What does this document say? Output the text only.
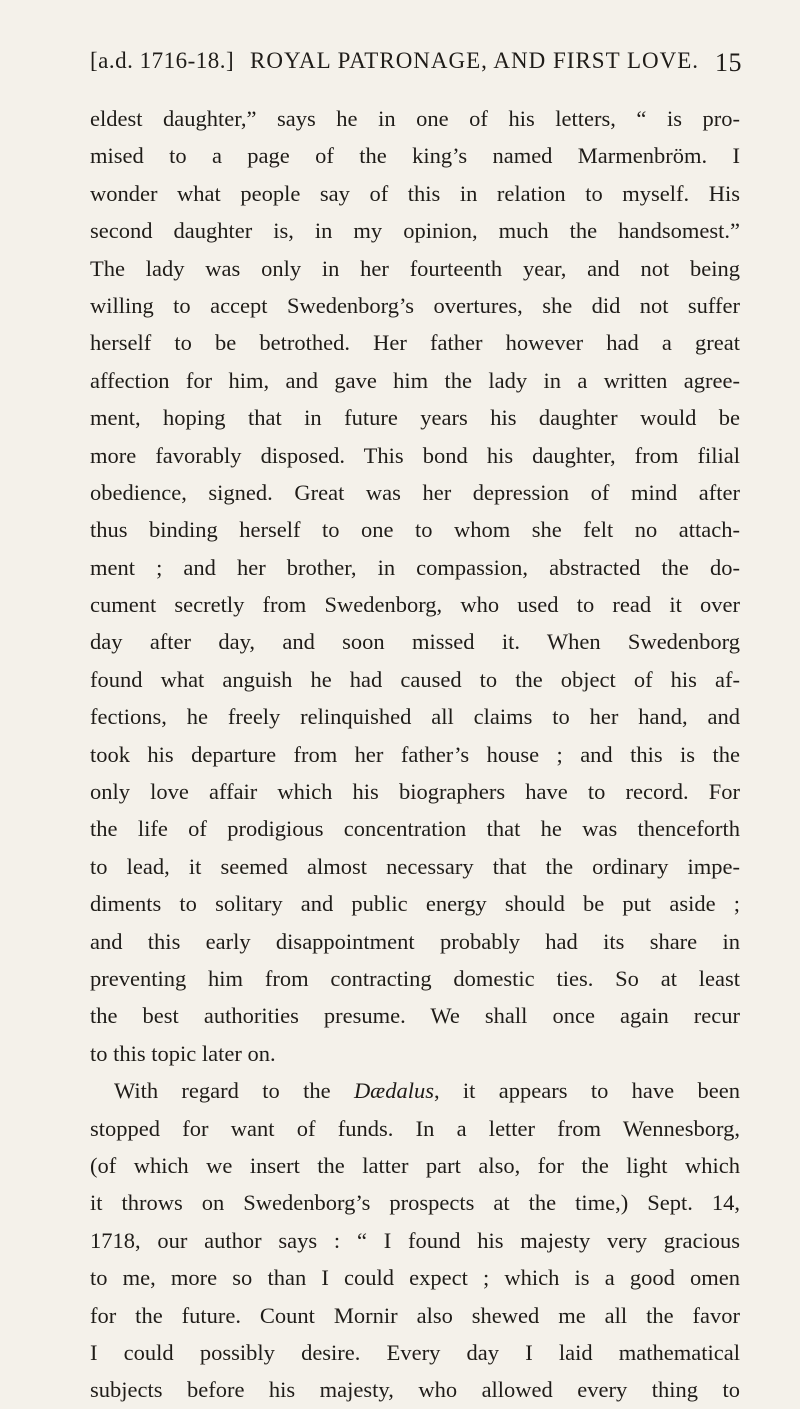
[a.d. 1716-18.] ROYAL PATRONAGE, AND FIRST LOVE. 15
eldest daughter,” says he in one of his letters, “ is pro-
mised to a page of the king’s named Marmenbröm. I
wonder what people say of this in relation to myself. His
second daughter is, in my opinion, much the handsomest.”
The lady was only in her fourteenth year, and not being
willing to accept Swedenborg’s overtures, she did not suffer
herself to be betrothed. Her father however had a great
affection for him, and gave him the lady in a written agree-
ment, hoping that in future years his daughter would be
more favorably disposed. This bond his daughter, from filial
obedience, signed. Great was her depression of mind after
thus binding herself to one to whom she felt no attach-
ment ; and her brother, in compassion, abstracted the do-
cument secretly from Swedenborg, who used to read it over
day after day, and soon missed it. When Swedenborg
found what anguish he had caused to the object of his af-
fections, he freely relinquished all claims to her hand, and
took his departure from her father’s house ; and this is the
only love affair which his biographers have to record. For
the life of prodigious concentration that he was thenceforth
to lead, it seemed almost necessary that the ordinary impe-
diments to solitary and public energy should be put aside ;
and this early disappointment probably had its share in
preventing him from contracting domestic ties. So at least
the best authorities presume. We shall once again recur
to this topic later on.
With regard to the Dædalus, it appears to have been
stopped for want of funds. In a letter from Wennesborg,
(of which we insert the latter part also, for the light which
it throws on Swedenborg’s prospects at the time,) Sept. 14,
1718, our author says : “ I found his majesty very gracious
to me, more so than I could expect ; which is a good omen
for the future. Count Mornir also shewed me all the favor
I could possibly desire. Every day I laid mathematical
subjects before his majesty, who allowed every thing to
